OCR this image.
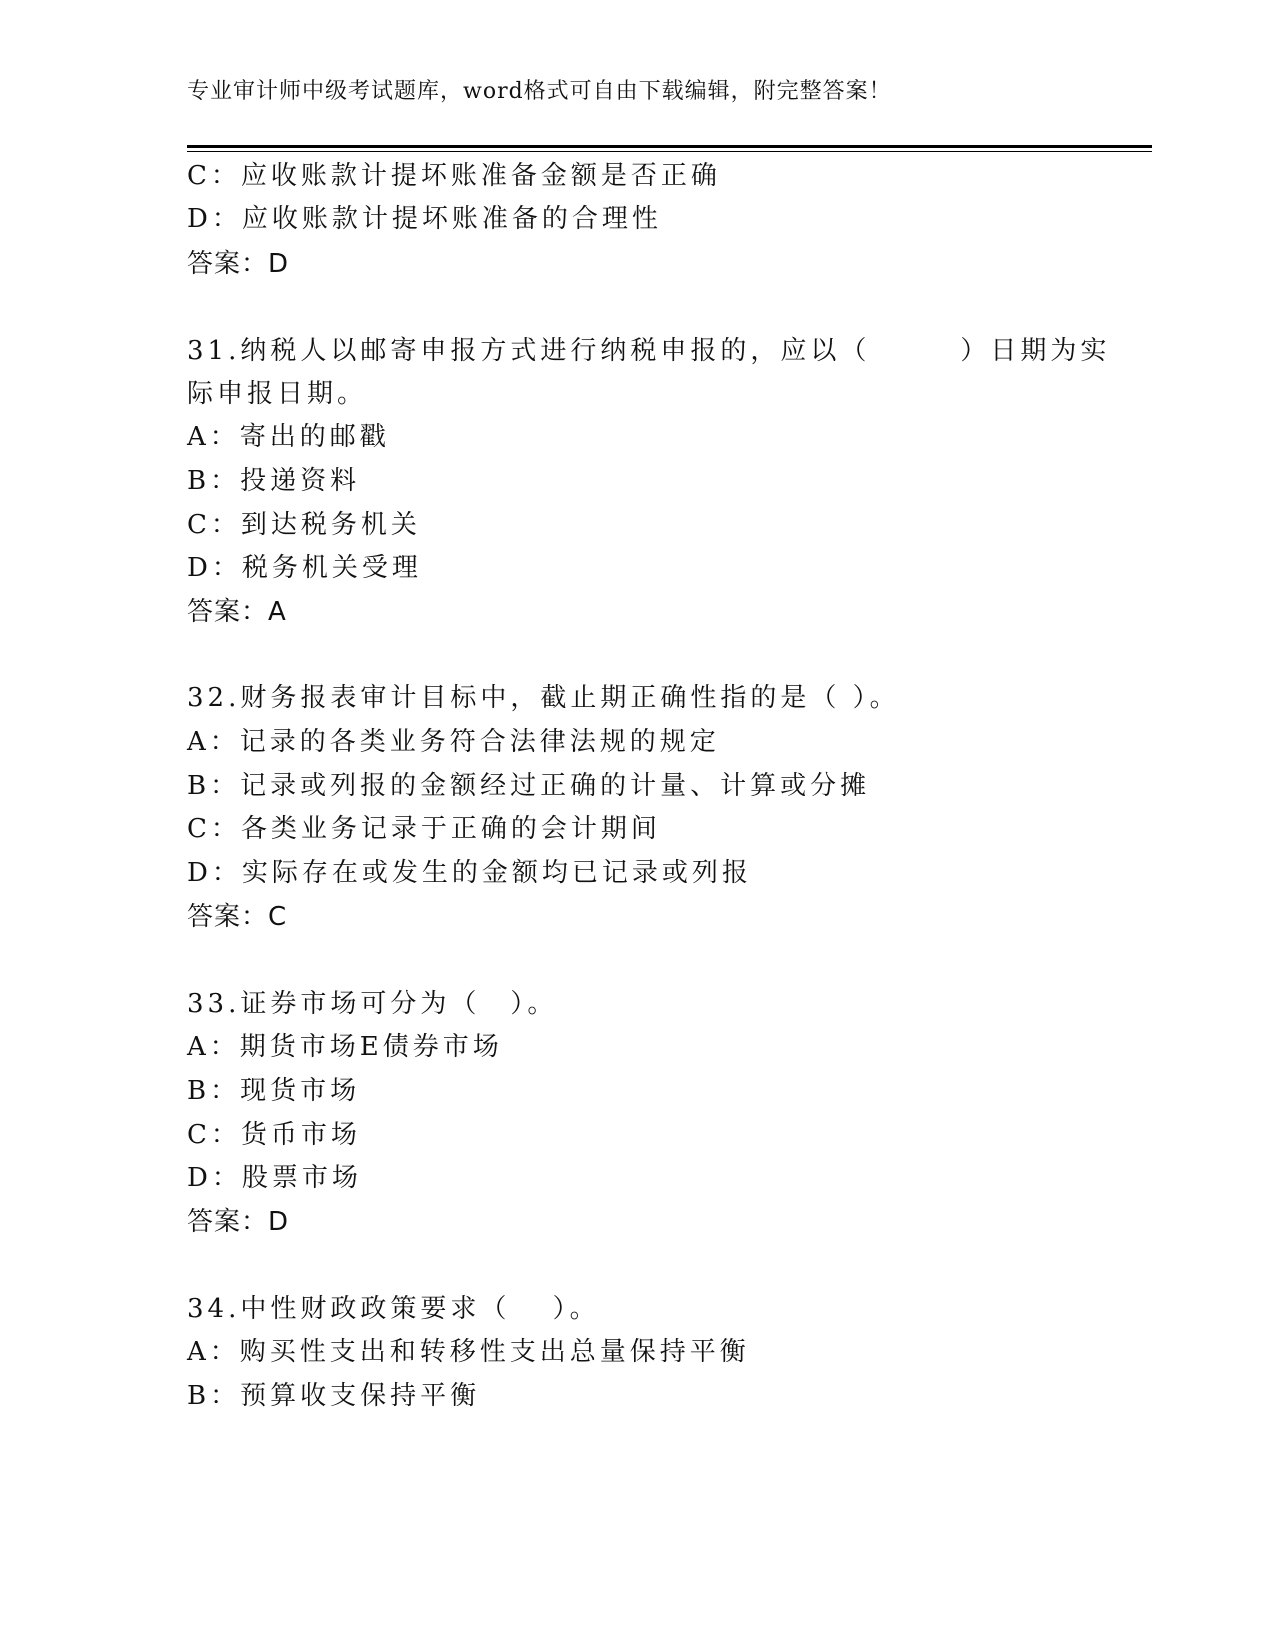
专业审计师中级考试题库，word格式可自由下载编辑，附完整答案！
C：应收账款计提坏账准备金额是否正确
D：应收账款计提坏账准备的合理性
答案：D
31.纳税人以邮寄申报方式进行纳税申报的，应以（　　　）日期为实
际申报日期。
A：寄出的邮戳
B：投递资料
C：到达税务机关
D：税务机关受理
答案：A
32.财务报表审计目标中，截止期正确性指的是（ ）。
A：记录的各类业务符合法律法规的规定
B：记录或列报的金额经过正确的计量、计算或分摊
C：各类业务记录于正确的会计期间
D：实际存在或发生的金额均已记录或列报
答案：C
33.证券市场可分为（　）。
A：期货市场E债券市场
B：现货市场
C：货币市场
D：股票市场
答案：D
34.中性财政政策要求（　 ）。
A：购买性支出和转移性支出总量保持平衡
B：预算收支保持平衡
